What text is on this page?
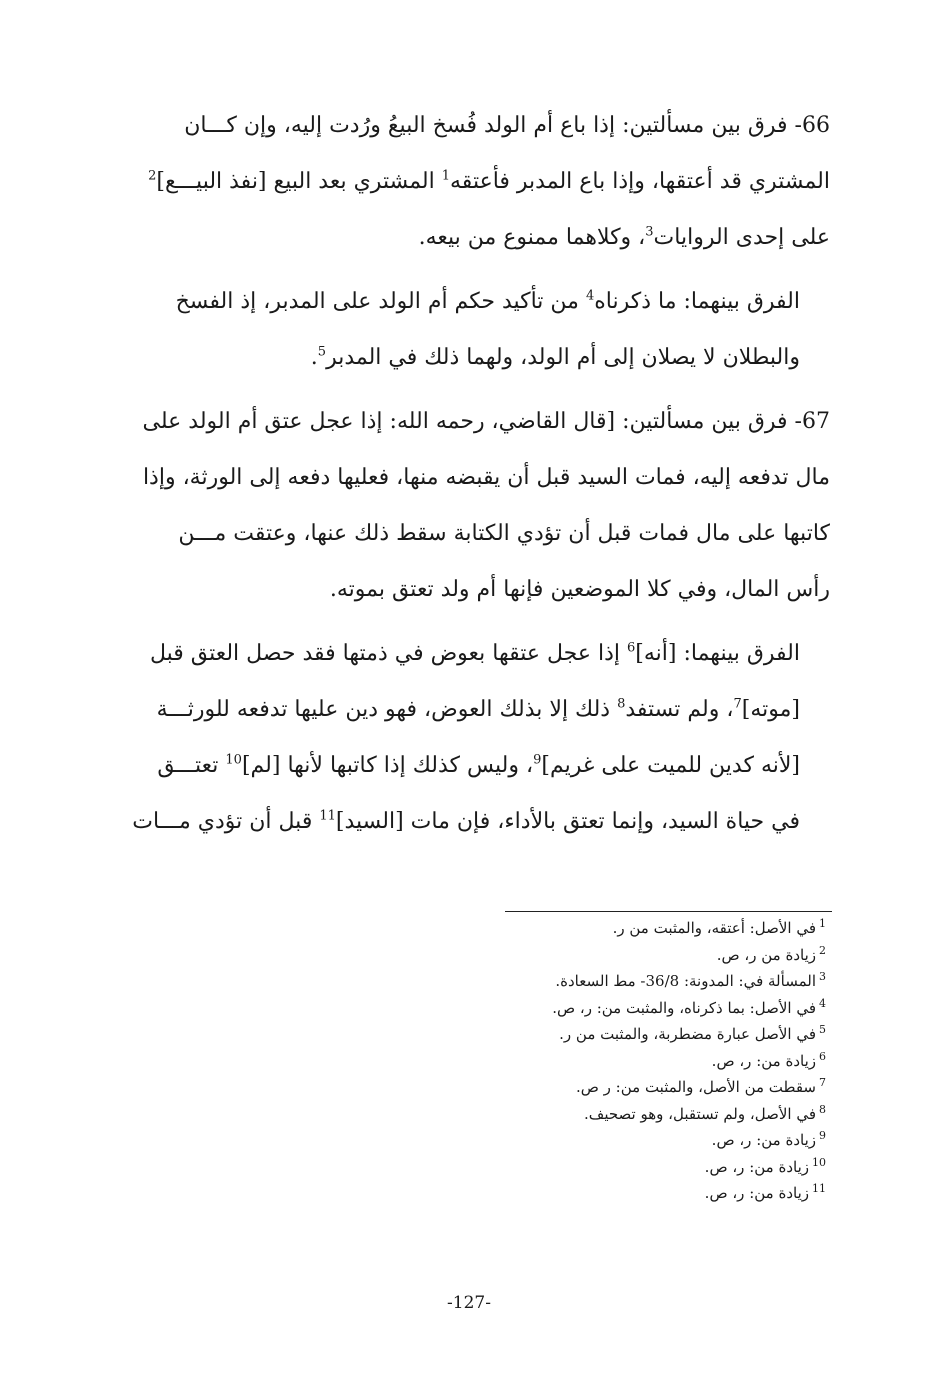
66- فرق بين مسألتين: إذا باع أم الولد فُسخ البيعُ ورُدت إليه، وإن كـــان
المشتري قد أعتقها، وإذا باع المدبر فأعتقه$^1$ المشتري بعد البيع [نفذ البيـــع]$^2$
على إحدى الروايات$^3$، وكلاهما ممنوع من بيعه.

الفرق بينهما: ما ذكرناه$^4$ من تأكيد حكم أم الولد على المدبر، إذ الفسخ
والبطلان لا يصلان إلى أم الولد، ولهما ذلك في المدبر$^5$.

67- فرق بين مسألتين: [قال القاضي، رحمه الله: إذا عجل عتق أم الولد على
مال تدفعه إليه، فمات السيد قبل أن يقبضه منها، فعليها دفعه إلى الورثة، وإذا
كاتبها على مال فمات قبل أن تؤدي الكتابة سقط ذلك عنها، وعتقت مـــن
رأس المال، وفي كلا الموضعين فإنها أم ولد تعتق بموته.

الفرق بينهما: [أنه]$^6$ إذا عجل عتقها بعوض في ذمتها فقد حصل العتق قبل
[موته]$^7$، ولم تستفد$^8$ ذلك إلا بذلك العوض، فهو دين عليها تدفعه للورثـــة
[لأنه كدين للميت على غريم]$^9$، وليس كذلك إذا كاتبها لأنها [لم]$^{10}$ تعتـــق
في حياة السيد، وإنما تعتق بالأداء، فإن مات [السيد]$^{11}$ قبل أن تؤدي مـــات

$^1$في الأصل: أعتقه، والمثبت من ر.
$^2$زيادة من ر، ص.
$^3$المسألة في: المدونة: 36/8- مط السعادة.
$^4$في الأصل: بما ذكرناه، والمثبت من: ر، ص.
$^5$في الأصل عبارة مضطربة، والمثبت من ر.
$^6$زيادة من: ر، ص.
$^7$سقطت من الأصل، والمثبت من: ر ص.
$^8$في الأصل، ولم تستقبل، وهو تصحيف.
$^9$زيادة من: ر، ص.
$^{10}$زيادة من: ر، ص.
$^{11}$زيادة من: ر، ص.
-127-
